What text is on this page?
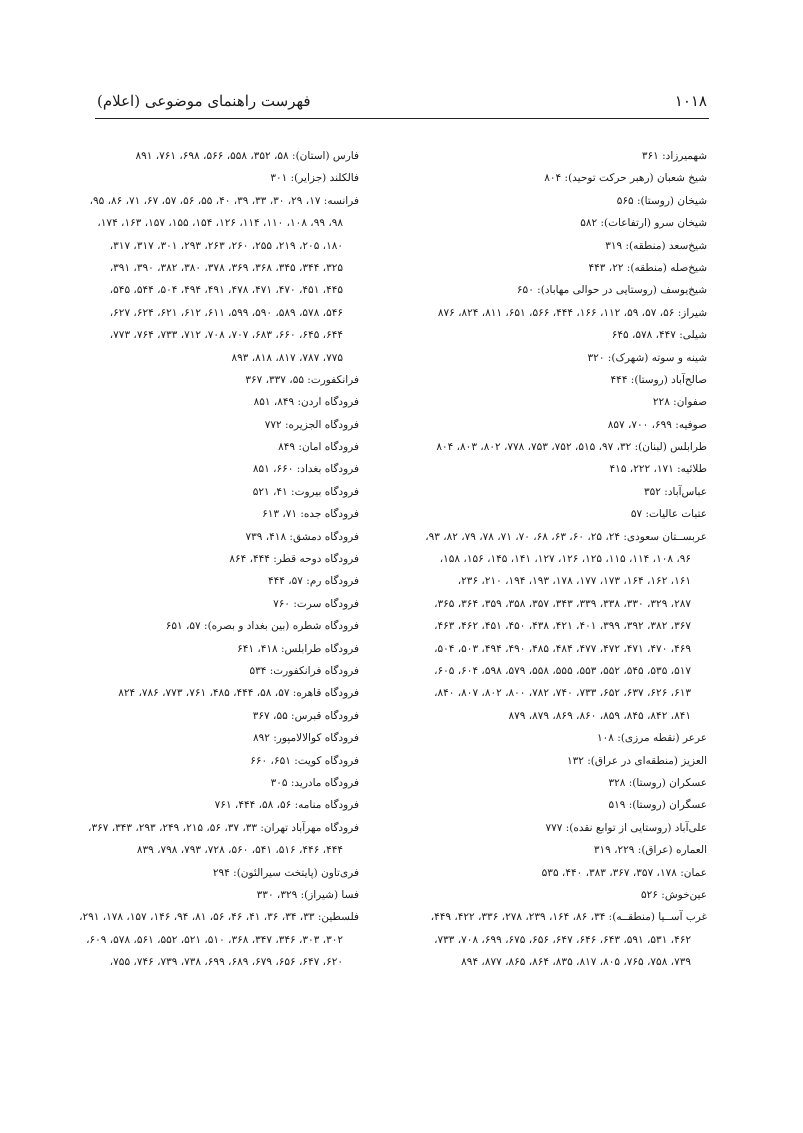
۱۰۱۸
فهرست راهنمای موضوعی (اعلام)
شهمیرزاد: ۳۶۱
شیخ شعبان (رهبر حرکت توحید): ۸۰۴
شیخان (روستا): ۵۶۵
شیخان سرو (ارتفاعات): ۵۸۲
شیخ‌سعد (منطقه): ۳۱۹
شیخ‌صله (منطقه): ۲۲، ۴۴۳
شیخ‌یوسف (روستایی در حوالی مهاباد): ۶۵۰
شیراز: ۵۶، ۵۷، ۵۹، ۱۱۲، ۱۶۶، ۴۴۴، ۵۶۶، ۶۵۱، ۸۱۱، ۸۲۴، ۸۷۶
شیلی: ۴۴۷، ۵۷۸، ۶۴۵
شینه و سوته (شهرک): ۳۲۰
صالح‌آباد (روستا): ۴۴۴
صفوان: ۲۲۸
صوفیه: ۶۹۹، ۷۰۰، ۸۵۷
طرابلس (لبنان): ۳۲، ۹۷، ۵۱۵، ۷۵۲، ۷۵۳، ۷۷۸، ۸۰۲، ۸۰۳، ۸۰۴
طلائیه: ۱۷۱، ۲۲۲، ۴۱۵
عباس‌آباد: ۳۵۲
عتبات عالیات: ۵۷
عربســتان سعودی: ۲۴، ۲۵، ۶۰، ۶۳، ۶۸، ۷۰، ۷۱، ۷۸، ۷۹، ۸۲، ۹۳،
۹۶، ۱۰۸، ۱۱۴، ۱۱۵، ۱۲۵، ۱۲۶، ۱۲۷، ۱۴۱، ۱۴۵، ۱۵۶، ۱۵۸،
۱۶۱، ۱۶۲، ۱۶۴، ۱۷۳، ۱۷۷، ۱۷۸، ۱۹۳، ۱۹۴، ۲۱۰، ۲۳۶،
۲۸۷، ۳۲۹، ۳۳۰، ۳۳۸، ۳۳۹، ۳۴۳، ۳۵۷، ۳۵۸، ۳۵۹، ۳۶۴، ۳۶۵،
۳۶۷، ۳۸۲، ۳۹۲، ۳۹۹، ۴۰۱، ۴۲۱، ۴۳۸، ۴۵۰، ۴۵۱، ۴۶۲، ۴۶۳،
۴۶۹، ۴۷۰، ۴۷۱، ۴۷۲، ۴۷۷، ۴۸۴، ۴۸۵، ۴۹۰، ۴۹۴، ۵۰۳، ۵۰۴،
۵۱۷، ۵۳۵، ۵۴۵، ۵۵۲، ۵۵۳، ۵۵۵، ۵۵۸، ۵۷۹، ۵۹۸، ۶۰۴، ۶۰۵،
۶۱۳، ۶۲۶، ۶۳۷، ۶۵۲، ۷۳۳، ۷۴۰، ۷۸۲، ۸۰۰، ۸۰۲، ۸۰۷، ۸۴۰،
۸۴۱، ۸۴۲، ۸۴۵، ۸۵۹، ۸۶۰، ۸۶۹، ۸۷۹، ۸۷۹
عرعر (نقطه مرزی): ۱۰۸
العزیز (منطقه‌ای در عراق): ۱۳۲
عسکران (روستا): ۳۲۸
عسگران (روستا): ۵۱۹
علی‌آباد (روستایی از توابع نقده): ۷۷۷
العماره (عراق): ۲۲۹، ۳۱۹
عمان: ۱۷۸، ۳۵۷، ۳۶۷، ۳۸۳، ۴۴۰، ۵۳۵
عین‌خوش: ۵۲۶
غرب آســیا (منطقــه): ۳۴، ۸۶، ۱۶۴، ۲۳۹، ۲۷۸، ۳۳۶، ۴۲۲، ۴۴۹،
۴۶۲، ۵۳۱، ۵۹۱، ۶۴۳، ۶۴۶، ۶۴۷، ۶۵۶، ۶۷۵، ۶۹۹، ۷۰۸، ۷۳۳،
۷۳۹، ۷۵۸، ۷۶۵، ۸۰۵، ۸۱۷، ۸۳۵، ۸۶۴، ۸۶۵، ۸۷۷، ۸۹۴
فارس (استان): ۵۸، ۳۵۲، ۵۵۸، ۵۶۶، ۶۹۸، ۷۶۱، ۸۹۱
فالکلند (جزایر): ۳۰۱
فرانسه: ۱۷، ۲۹، ۳۰، ۳۳، ۳۹، ۴۰، ۵۵، ۵۶، ۵۷، ۶۷، ۷۱، ۸۶، ۹۵،
۹۸، ۹۹، ۱۰۸، ۱۱۰، ۱۱۴، ۱۲۶، ۱۵۴، ۱۵۵، ۱۵۷، ۱۶۳، ۱۷۴،
۱۸۰، ۲۰۵، ۲۱۹، ۲۵۵، ۲۶۰، ۲۶۳، ۲۹۳، ۳۰۱، ۳۱۷، ۳۱۷،
۳۲۵، ۳۴۴، ۳۴۵، ۳۶۸، ۳۶۹، ۳۷۸، ۳۸۰، ۳۸۲، ۳۹۰، ۳۹۱،
۴۴۵، ۴۵۱، ۴۷۰، ۴۷۱، ۴۷۸، ۴۹۱، ۴۹۴، ۵۰۴، ۵۴۴، ۵۴۵،
۵۴۶، ۵۷۸، ۵۸۹، ۵۹۰، ۵۹۹، ۶۱۱، ۶۱۲، ۶۲۱، ۶۲۴، ۶۲۷،
۶۴۴، ۶۴۵، ۶۶۰، ۶۸۳، ۷۰۷، ۷۰۸، ۷۱۲، ۷۳۳، ۷۶۴، ۷۷۳،
۷۷۵، ۷۸۷، ۸۱۷، ۸۱۸، ۸۹۳
فرانکفورت: ۵۵، ۳۳۷، ۳۶۷
فرودگاه اردن: ۸۴۹، ۸۵۱
فرودگاه الجزیره: ۷۷۲
فرودگاه امان: ۸۴۹
فرودگاه بغداد: ۶۶۰، ۸۵۱
فرودگاه بیروت: ۴۱، ۵۲۱
فرودگاه جده: ۷۱، ۶۱۳
فرودگاه دمشق: ۴۱۸، ۷۳۹
فرودگاه دوحه قطر: ۴۴۴، ۸۶۴
فرودگاه رم: ۵۷، ۴۴۴
فرودگاه سرت: ۷۶۰
فرودگاه شطره (بین بغداد و بصره): ۵۷، ۶۵۱
فرودگاه طرابلس: ۴۱۸، ۶۴۱
فرودگاه فرانکفورت: ۵۳۴
فرودگاه قاهره: ۵۷، ۵۸، ۴۴۴، ۴۸۵، ۷۶۱، ۷۷۳، ۷۸۶، ۸۲۴
فرودگاه قبرس: ۵۵، ۳۶۷
فرودگاه کوالالامپور: ۸۹۲
فرودگاه کویت: ۶۵۱، ۶۶۰
فرودگاه مادرید: ۳۰۵
فرودگاه منامه: ۵۶، ۵۸، ۴۴۴، ۷۶۱
فرودگاه مهرآباد تهران: ۳۳، ۳۷، ۵۶، ۲۱۵، ۲۴۹، ۲۹۳، ۳۴۳، ۳۶۷،
۴۴۴، ۴۴۶، ۵۱۶، ۵۴۱، ۵۶۰، ۷۲۸، ۷۹۳، ۷۹۸، ۸۳۹
فری‌تاون (پایتخت سیرالئون): ۲۹۴
فسا (شیراز): ۳۲۹، ۳۳۰
فلسطین: ۳۳، ۳۴، ۳۶، ۴۱، ۴۶، ۵۶، ۸۱، ۹۴، ۱۴۶، ۱۵۷، ۱۷۸، ۲۹۱،
۳۰۲، ۳۰۳، ۳۴۶، ۳۴۷، ۳۶۸، ۵۱۰، ۵۲۱، ۵۵۲، ۵۶۱، ۵۷۸، ۶۰۹،
۶۲۰، ۶۴۷، ۶۵۶، ۶۷۹، ۶۸۹، ۶۹۹، ۷۳۸، ۷۳۹، ۷۴۶، ۷۵۵،
